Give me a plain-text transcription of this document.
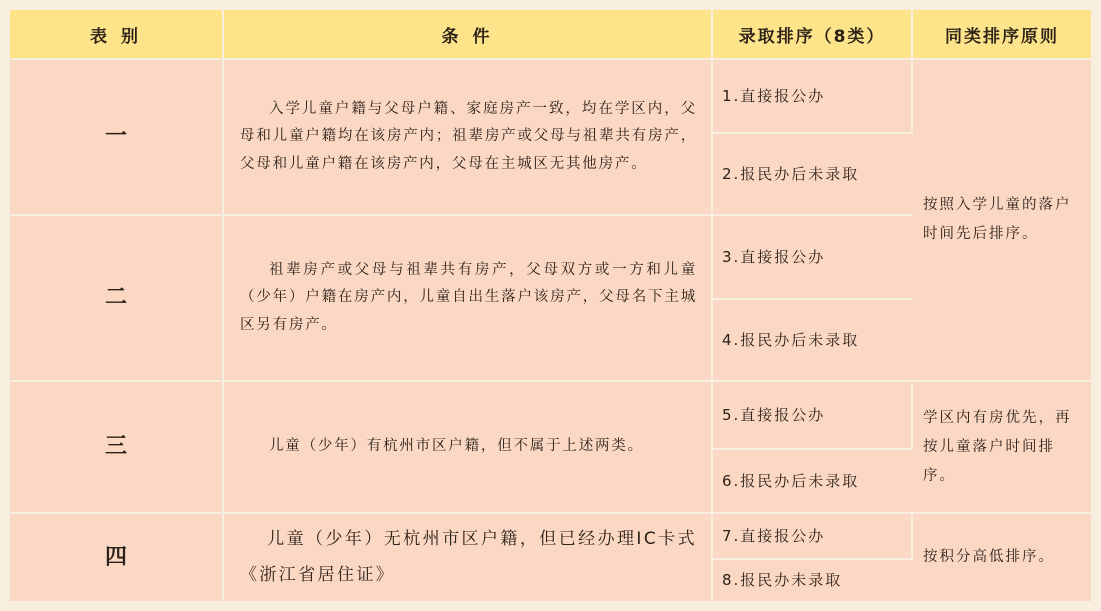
表 别	条 件	录取排序（8类）	同类排序原则
一	入学儿童户籍与父母户籍、家庭房产一致，均在学区内，父母和儿童户籍均在该房产内；祖辈房产或父母与祖辈共有房产，父母和儿童户籍在该房产内，父母在主城区无其他房产。	1.直接报公办	按照入学儿童的落户时间先后排序。
		2.报民办后未录取	
二	祖辈房产或父母与祖辈共有房产，父母双方或一方和儿童（少年）户籍在房产内，儿童自出生落户该房产，父母名下主城区另有房产。	3.直接报公办	
		4.报民办后未录取	
三	儿童（少年）有杭州市区户籍，但不属于上述两类。	5.直接报公办	学区内有房优先，再按儿童落户时间排序。
		6.报民办后未录取	
四	儿童（少年）无杭州市区户籍，但已经办理IC卡式《浙江省居住证》	7.直接报公办	按积分高低排序。
		8.报民办未录取	
